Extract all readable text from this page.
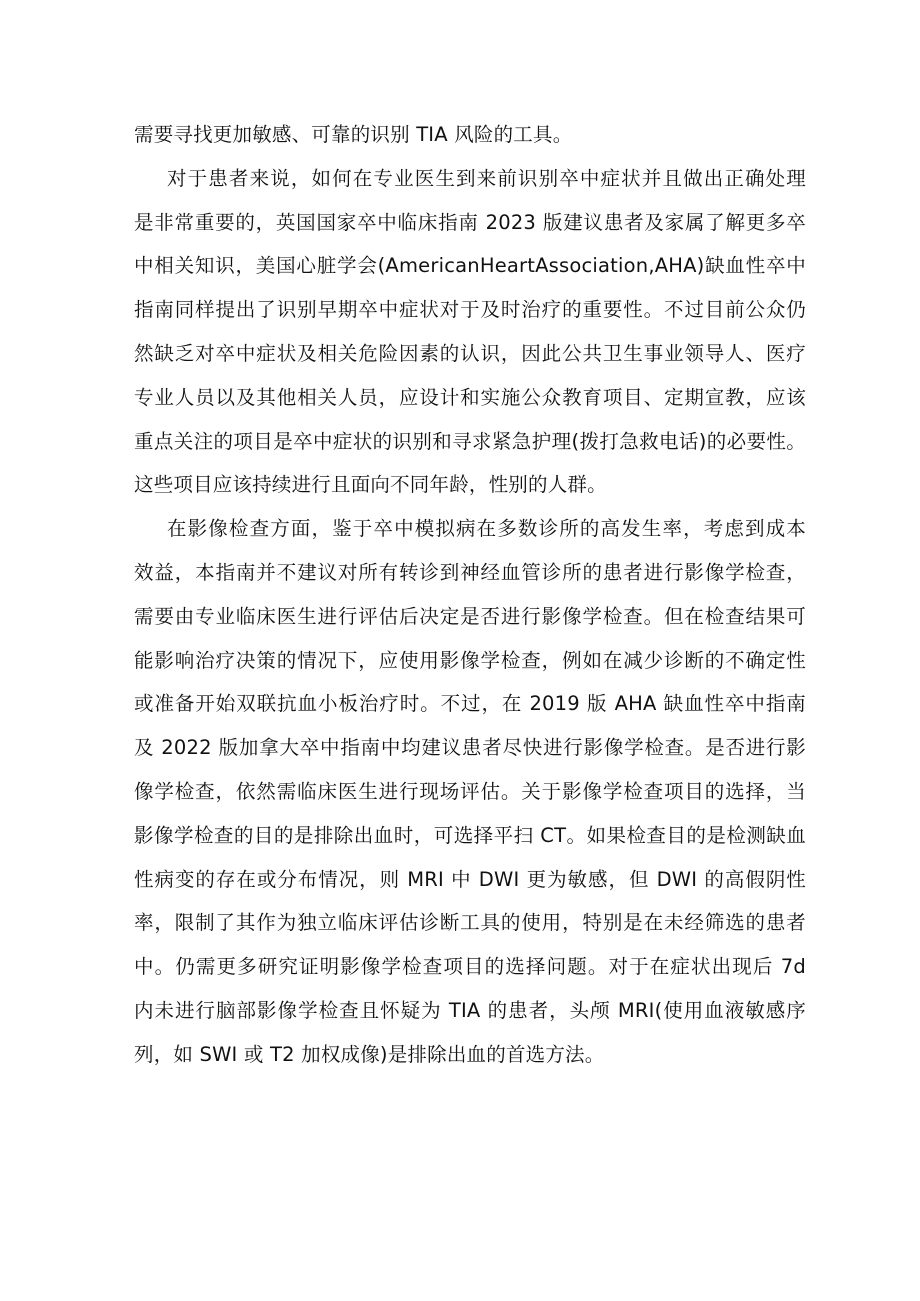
需要寻找更加敏感、可靠的识别 TIA 风险的工具。
对于患者来说，如何在专业医生到来前识别卒中症状并且做出正确处理
是非常重要的，英国国家卒中临床指南 2023 版建议患者及家属了解更多卒
中相关知识，美国心脏学会(AmericanHeartAssociation,AHA)缺血性卒中
指南同样提出了识别早期卒中症状对于及时治疗的重要性。不过目前公众仍
然缺乏对卒中症状及相关危险因素的认识，因此公共卫生事业领导人、医疗
专业人员以及其他相关人员，应设计和实施公众教育项目、定期宣教，应该
重点关注的项目是卒中症状的识别和寻求紧急护理(拨打急救电话)的必要性。
这些项目应该持续进行且面向不同年龄，性别的人群。
在影像检查方面，鉴于卒中模拟病在多数诊所的高发生率，考虑到成本
效益，本指南并不建议对所有转诊到神经血管诊所的患者进行影像学检查，
需要由专业临床医生进行评估后决定是否进行影像学检查。但在检查结果可
能影响治疗决策的情况下，应使用影像学检查，例如在减少诊断的不确定性
或准备开始双联抗血小板治疗时。不过，在 2019 版 AHA 缺血性卒中指南
及 2022 版加拿大卒中指南中均建议患者尽快进行影像学检查。是否进行影
像学检查，依然需临床医生进行现场评估。关于影像学检查项目的选择，当
影像学检查的目的是排除出血时，可选择平扫 CT。如果检查目的是检测缺血
性病变的存在或分布情况，则 MRI 中 DWI 更为敏感，但 DWI 的高假阴性
率，限制了其作为独立临床评估诊断工具的使用，特别是在未经筛选的患者
中。仍需更多研究证明影像学检查项目的选择问题。对于在症状出现后 7d
内未进行脑部影像学检查且怀疑为 TIA 的患者，头颅 MRI(使用血液敏感序
列，如 SWI 或 T2 加权成像)是排除出血的首选方法。
